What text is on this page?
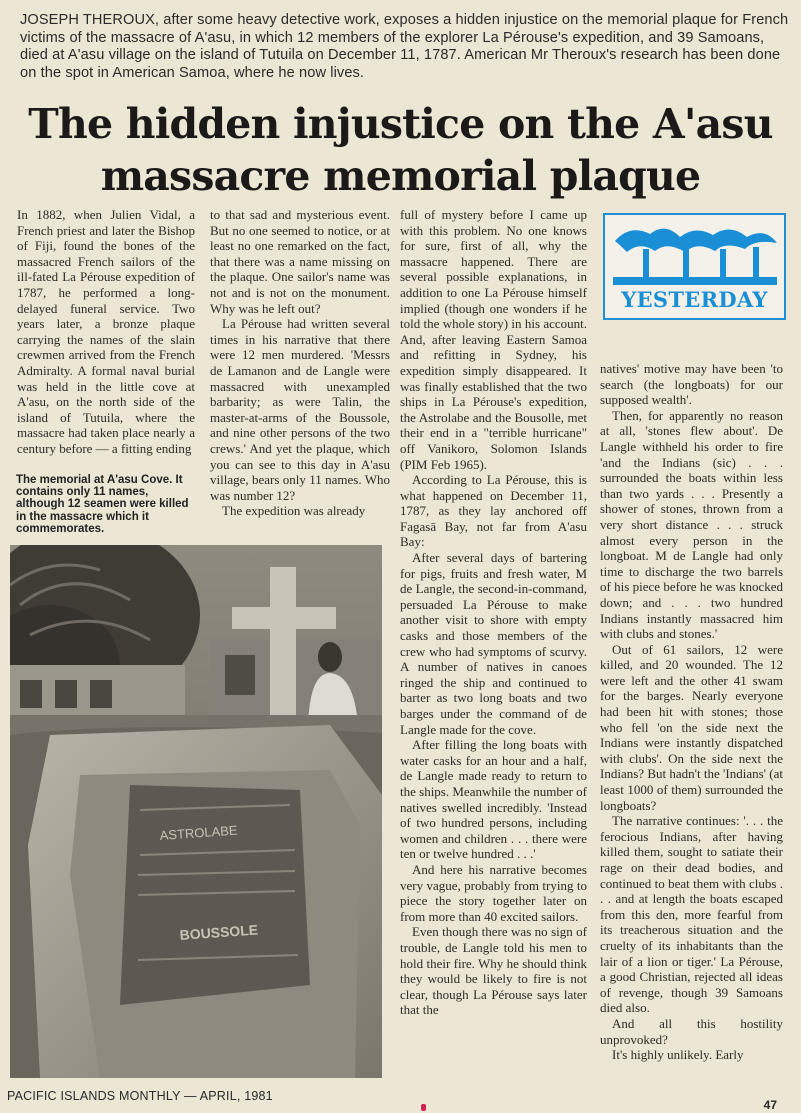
JOSEPH THEROUX, after some heavy detective work, exposes a hidden injustice on the memorial plaque for French victims of the massacre of A'asu, in which 12 members of the explorer La Pérouse's expedition, and 39 Samoans, died at A'asu village on the island of Tutuila on December 11, 1787. American Mr Theroux's research has been done on the spot in American Samoa, where he now lives.
The hidden injustice on the A'asu
massacre memorial plaque

In 1882, when Julien Vidal, a French priest and later the Bishop of Fiji, found the bones of the massacred French sailors of the ill-fated La Pérouse expedition of 1787, he performed a long-delayed funeral service. Two years later, a bronze plaque carrying the names of the slain crewmen arrived from the French Admiralty. A formal naval burial was held in the little cove at A'asu, on the north side of the island of Tutuila, where the massacre had taken place nearly a century before — a fitting ending

The memorial at A'asu Cove. It contains only 11 names, although 12 seamen were killed in the massacre which it commemorates.
ASTROLABE
BOUSSOLE

to that sad and mysterious event. But no one seemed to notice, or at least no one remarked on the fact, that there was a name missing on the plaque. One sailor's name was not and is not on the monument. Why was he left out?

La Pérouse had written several times in his narrative that there were 12 men murdered. 'Messrs de Lamanon and de Langle were massacred with unexampled barbarity; as were Talin, the master-at-arms of the Boussole, and nine other persons of the two crews.' And yet the plaque, which you can see to this day in A'asu village, bears only 11 names. Who was number 12?

The expedition was already

full of mystery before I came up with this problem. No one knows for sure, first of all, why the massacre happened. There are several possible explanations, in addition to one La Pérouse himself implied (though one wonders if he told the whole story) in his account. And, after leaving Eastern Samoa and refitting in Sydney, his expedition simply disappeared. It was finally established that the two ships in La Pérouse's expedition, the Astrolabe and the Bousolle, met their end in a "terrible hurricane" off Vanikoro, Solomon Islands (PIM Feb 1965).

According to La Pérouse, this is what happened on December 11, 1787, as they lay anchored off Fagasā Bay, not far from A'asu Bay:

After several days of bartering for pigs, fruits and fresh water, M de Langle, the second-in-command, persuaded La Pérouse to make another visit to shore with empty casks and those members of the crew who had symptoms of scurvy. A number of natives in canoes ringed the ship and continued to barter as two long boats and two barges under the command of de Langle made for the cove.

After filling the long boats with water casks for an hour and a half, de Langle made ready to return to the ships. Meanwhile the number of natives swelled incredibly. 'Instead of two hundred persons, including women and children . . . there were ten or twelve hundred . . .'

And here his narrative becomes very vague, probably from trying to piece the story together later on from more than 40 excited sailors.

Even though there was no sign of trouble, de Langle told his men to hold their fire. Why he should think they would be likely to fire is not clear, though La Pérouse says later that the

YESTERDAY

natives' motive may have been 'to search (the longboats) for our supposed wealth'.

Then, for apparently no reason at all, 'stones flew about'. De Langle withheld his order to fire 'and the Indians (sic) . . . surrounded the boats within less than two yards . . . Presently a shower of stones, thrown from a very short distance . . . struck almost every person in the longboat. M de Langle had only time to discharge the two barrels of his piece before he was knocked down; and . . . two hundred Indians instantly massacred him with clubs and stones.'

Out of 61 sailors, 12 were killed, and 20 wounded. The 12 were left and the other 41 swam for the barges. Nearly everyone had been hit with stones; those who fell 'on the side next the Indians were instantly dispatched with clubs'. On the side next the Indians? But hadn't the 'Indians' (at least 1000 of them) surrounded the longboats?

The narrative continues: '. . . the ferocious Indians, after having killed them, sought to satiate their rage on their dead bodies, and continued to beat them with clubs . . . and at length the boats escaped from this den, more fearful from its treacherous situation and the cruelty of its inhabitants than the lair of a lion or tiger.' La Pérouse, a good Christian, rejected all ideas of revenge, though 39 Samoans died also.

And all this hostility unprovoked?

It's highly unlikely. Early

PACIFIC ISLANDS MONTHLY — APRIL, 1981
47
